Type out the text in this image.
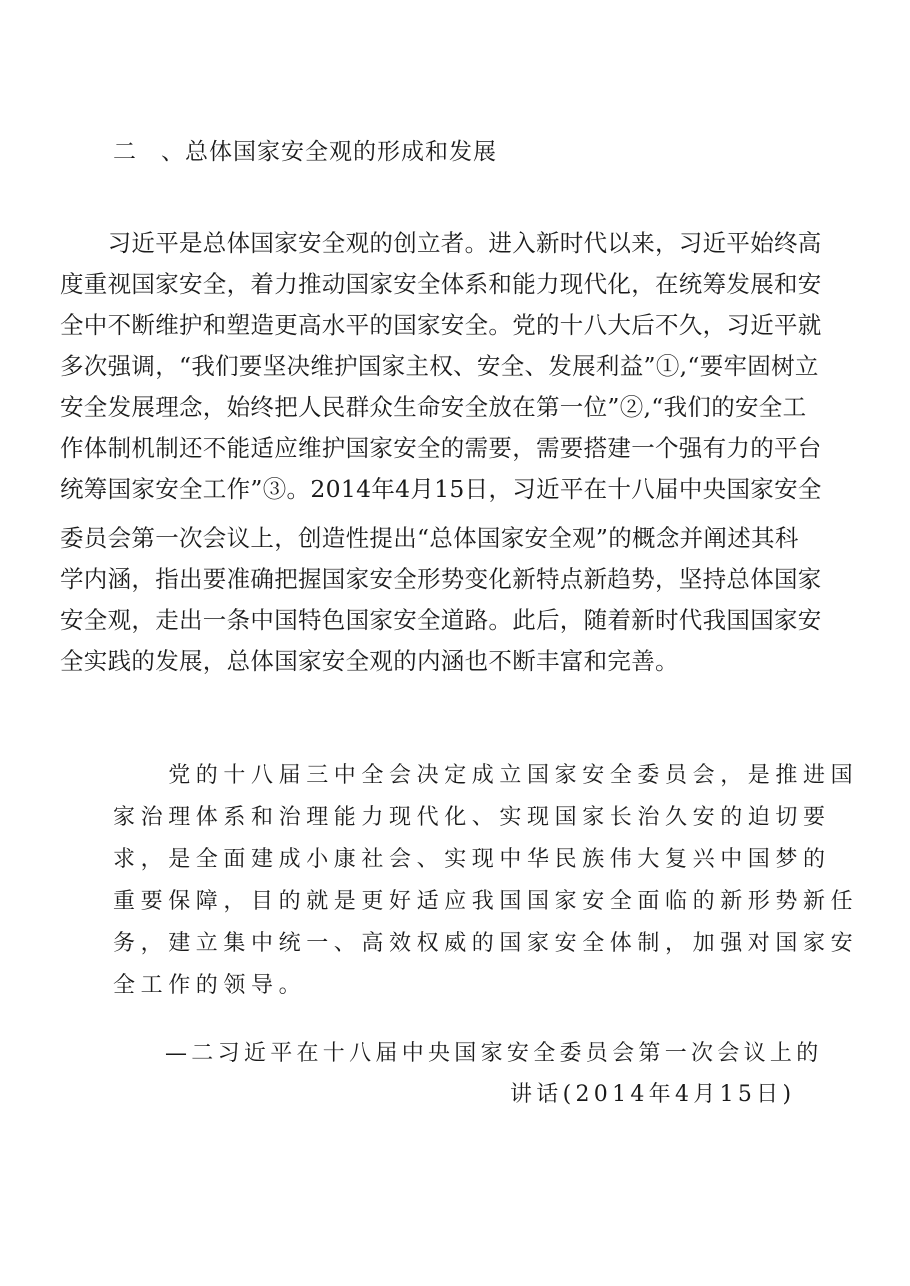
二　、总体国家安全观的形成和发展
　　习近平是总体国家安全观的创立者。进入新时代以来，习近平始终高
度重视国家安全，着力推动国家安全体系和能力现代化，在统筹发展和安
全中不断维护和塑造更高水平的国家安全。党的十八大后不久，习近平就
多次强调，“我们要坚决维护国家主权、安全、发展利益”①,“要牢固树立
安全发展理念，始终把人民群众生命安全放在第一位”②,“我们的安全工
作体制机制还不能适应维护国家安全的需要，需要搭建一个强有力的平台
统筹国家安全工作”③。2014年4月15日，习近平在十八届中央国家安全
委员会第一次会议上，创造性提出“总体国家安全观”的概念并阐述其科
学内涵，指出要准确把握国家安全形势变化新特点新趋势，坚持总体国家
安全观，走出一条中国特色国家安全道路。此后，随着新时代我国国家安
全实践的发展，总体国家安全观的内涵也不断丰富和完善。
　　党的十八届三中全会决定成立国家安全委员会，是推进国
家治理体系和治理能力现代化、实现国家长治久安的迫切要
求，是全面建成小康社会、实现中华民族伟大复兴中国梦的
重要保障，目的就是更好适应我国国家安全面临的新形势新任
务，建立集中统一、高效权威的国家安全体制，加强对国家安
全工作的领导。
—二习近平在十八届中央国家安全委员会第一次会议上的
讲话(2014年4月15日)
